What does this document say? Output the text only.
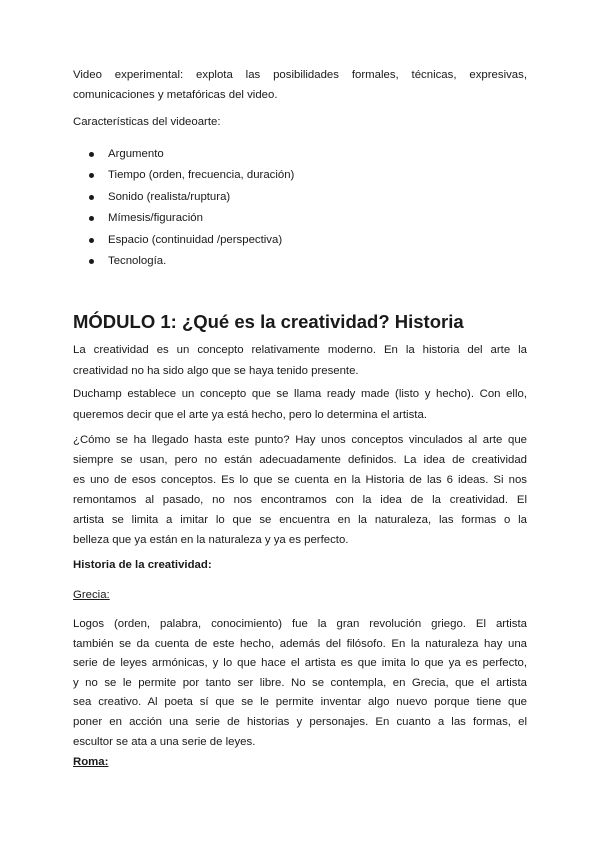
Video experimental: explota las posibilidades formales, técnicas, expresivas,
comunicaciones y metafóricas del video.
Características del videoarte:
Argumento
Tiempo (orden, frecuencia, duración)
Sonido (realista/ruptura)
Mímesis/figuración
Espacio (continuidad /perspectiva)
Tecnología.
MÓDULO 1: ¿Qué es la creatividad? Historia
La creatividad es un concepto relativamente moderno. En la historia del arte la
creatividad no ha sido algo que se haya tenido presente.
Duchamp establece un concepto que se llama ready made (listo y hecho). Con ello,
queremos decir que el arte ya está hecho, pero lo determina el artista.
¿Cómo se ha llegado hasta este punto? Hay unos conceptos vinculados al arte que
siempre se usan, pero no están adecuadamente definidos. La idea de creatividad
es uno de esos conceptos. Es lo que se cuenta en la Historia de las 6 ideas. Si nos
remontamos al pasado, no nos encontramos con la idea de la creatividad. El
artista se limita a imitar lo que se encuentra en la naturaleza, las formas o la
belleza que ya están en la naturaleza y ya es perfecto.
Historia de la creatividad:
Grecia:
Logos (orden, palabra, conocimiento) fue la gran revolución griego. El artista
también se da cuenta de este hecho, además del filósofo. En la naturaleza hay una
serie de leyes armónicas, y lo que hace el artista es que imita lo que ya es perfecto,
y no se le permite por tanto ser libre. No se contempla, en Grecia, que el artista
sea creativo. Al poeta sí que se le permite inventar algo nuevo porque tiene que
poner en acción una serie de historias y personajes. En cuanto a las formas, el
escultor se ata a una serie de leyes.
Roma:
